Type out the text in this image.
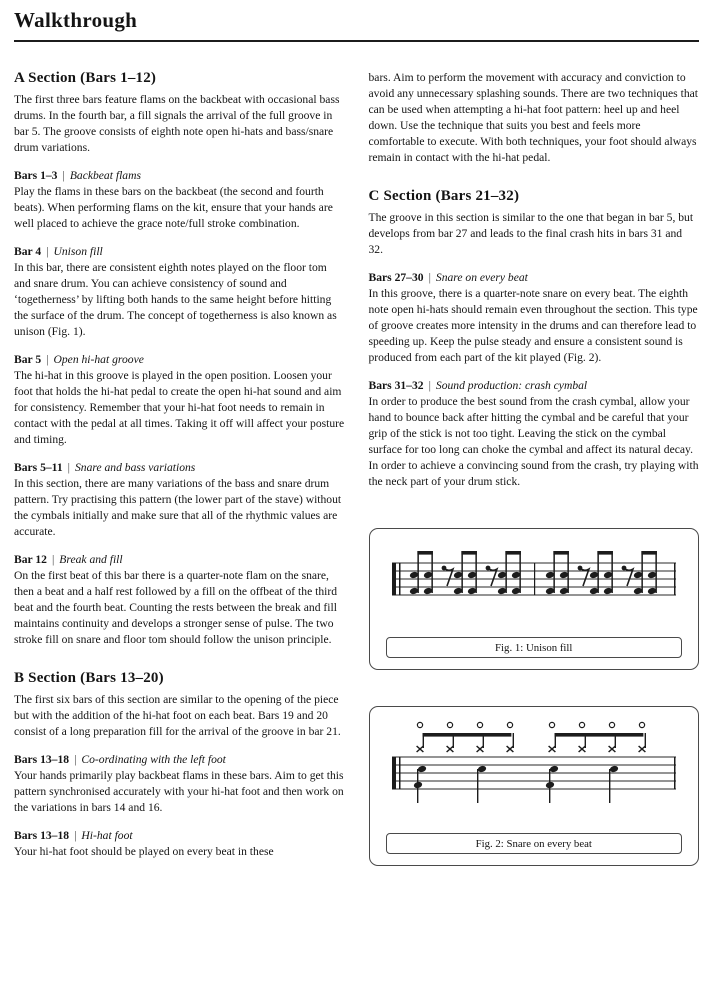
Walkthrough
A Section (Bars 1–12)

The first three bars feature flams on the backbeat with occasional bass drums. In the fourth bar, a fill signals the arrival of the full groove in bar 5. The groove consists of eighth note open hi-hats and bass/snare drum variations.

Bars 1–3 | Backbeat flams

Play the flams in these bars on the backbeat (the second and fourth beats). When performing flams on the kit, ensure that your hands are well placed to achieve the grace note/full stroke combination.

Bar 4 | Unison fill

In this bar, there are consistent eighth notes played on the floor tom and snare drum. You can achieve consistency of sound and ‘togetherness’ by lifting both hands to the same height before hitting the surface of the drum. The concept of togetherness is also known as unison (Fig. 1).

Bar 5 | Open hi-hat groove

The hi-hat in this groove is played in the open position. Loosen your foot that holds the hi-hat pedal to create the open hi-hat sound and aim for consistency. Remember that your hi-hat foot needs to remain in contact with the pedal at all times. Taking it off will affect your posture and timing.

Bars 5–11 | Snare and bass variations

In this section, there are many variations of the bass and snare drum pattern. Try practising this pattern (the lower part of the stave) without the cymbals initially and make sure that all of the rhythmic values are accurate.

Bar 12 | Break and fill

On the first beat of this bar there is a quarter-note flam on the snare, then a beat and a half rest followed by a fill on the offbeat of the third beat and the fourth beat. Counting the rests between the break and fill maintains continuity and develops a stronger sense of pulse. The two stroke fill on snare and floor tom should follow the unison principle.

B Section (Bars 13–20)

The first six bars of this section are similar to the opening of the piece but with the addition of the hi-hat foot on each beat. Bars 19 and 20 consist of a long preparation fill for the arrival of the groove in bar 21.

Bars 13–18 | Co-ordinating with the left foot

Your hands primarily play backbeat flams in these bars. Aim to get this pattern synchronised accurately with your hi-hat foot and then work on the variations in bars 14 and 16.

Bars 13–18 | Hi-hat foot

Your hi-hat foot should be played on every beat in these

bars. Aim to perform the movement with accuracy and conviction to avoid any unnecessary splashing sounds. There are two techniques that can be used when attempting a hi-hat foot pattern: heel up and heel down. Use the technique that suits you best and feels more comfortable to execute. With both techniques, your foot should always remain in contact with the hi-hat pedal.

C Section (Bars 21–32)

The groove in this section is similar to the one that began in bar 5, but develops from bar 27 and leads to the final crash hits in bars 31 and 32.

Bars 27–30 | Snare on every beat

In this groove, there is a quarter-note snare on every beat. The eighth note open hi-hats should remain even throughout the section. This type of groove creates more intensity in the drums and can therefore lead to speeding up. Keep the pulse steady and ensure a consistent sound is produced from each part of the kit played (Fig. 2).

Bars 31–32 | Sound production: crash cymbal

In order to produce the best sound from the crash cymbal, allow your hand to bounce back after hitting the cymbal and be careful that your grip of the stick is not too tight. Leaving the stick on the cymbal surface for too long can choke the cymbal and affect its natural decay. In order to achieve a convincing sound from the crash, try playing with the neck part of your drum stick.

Fig. 1: Unison fill
Fig. 2: Snare on every beat
